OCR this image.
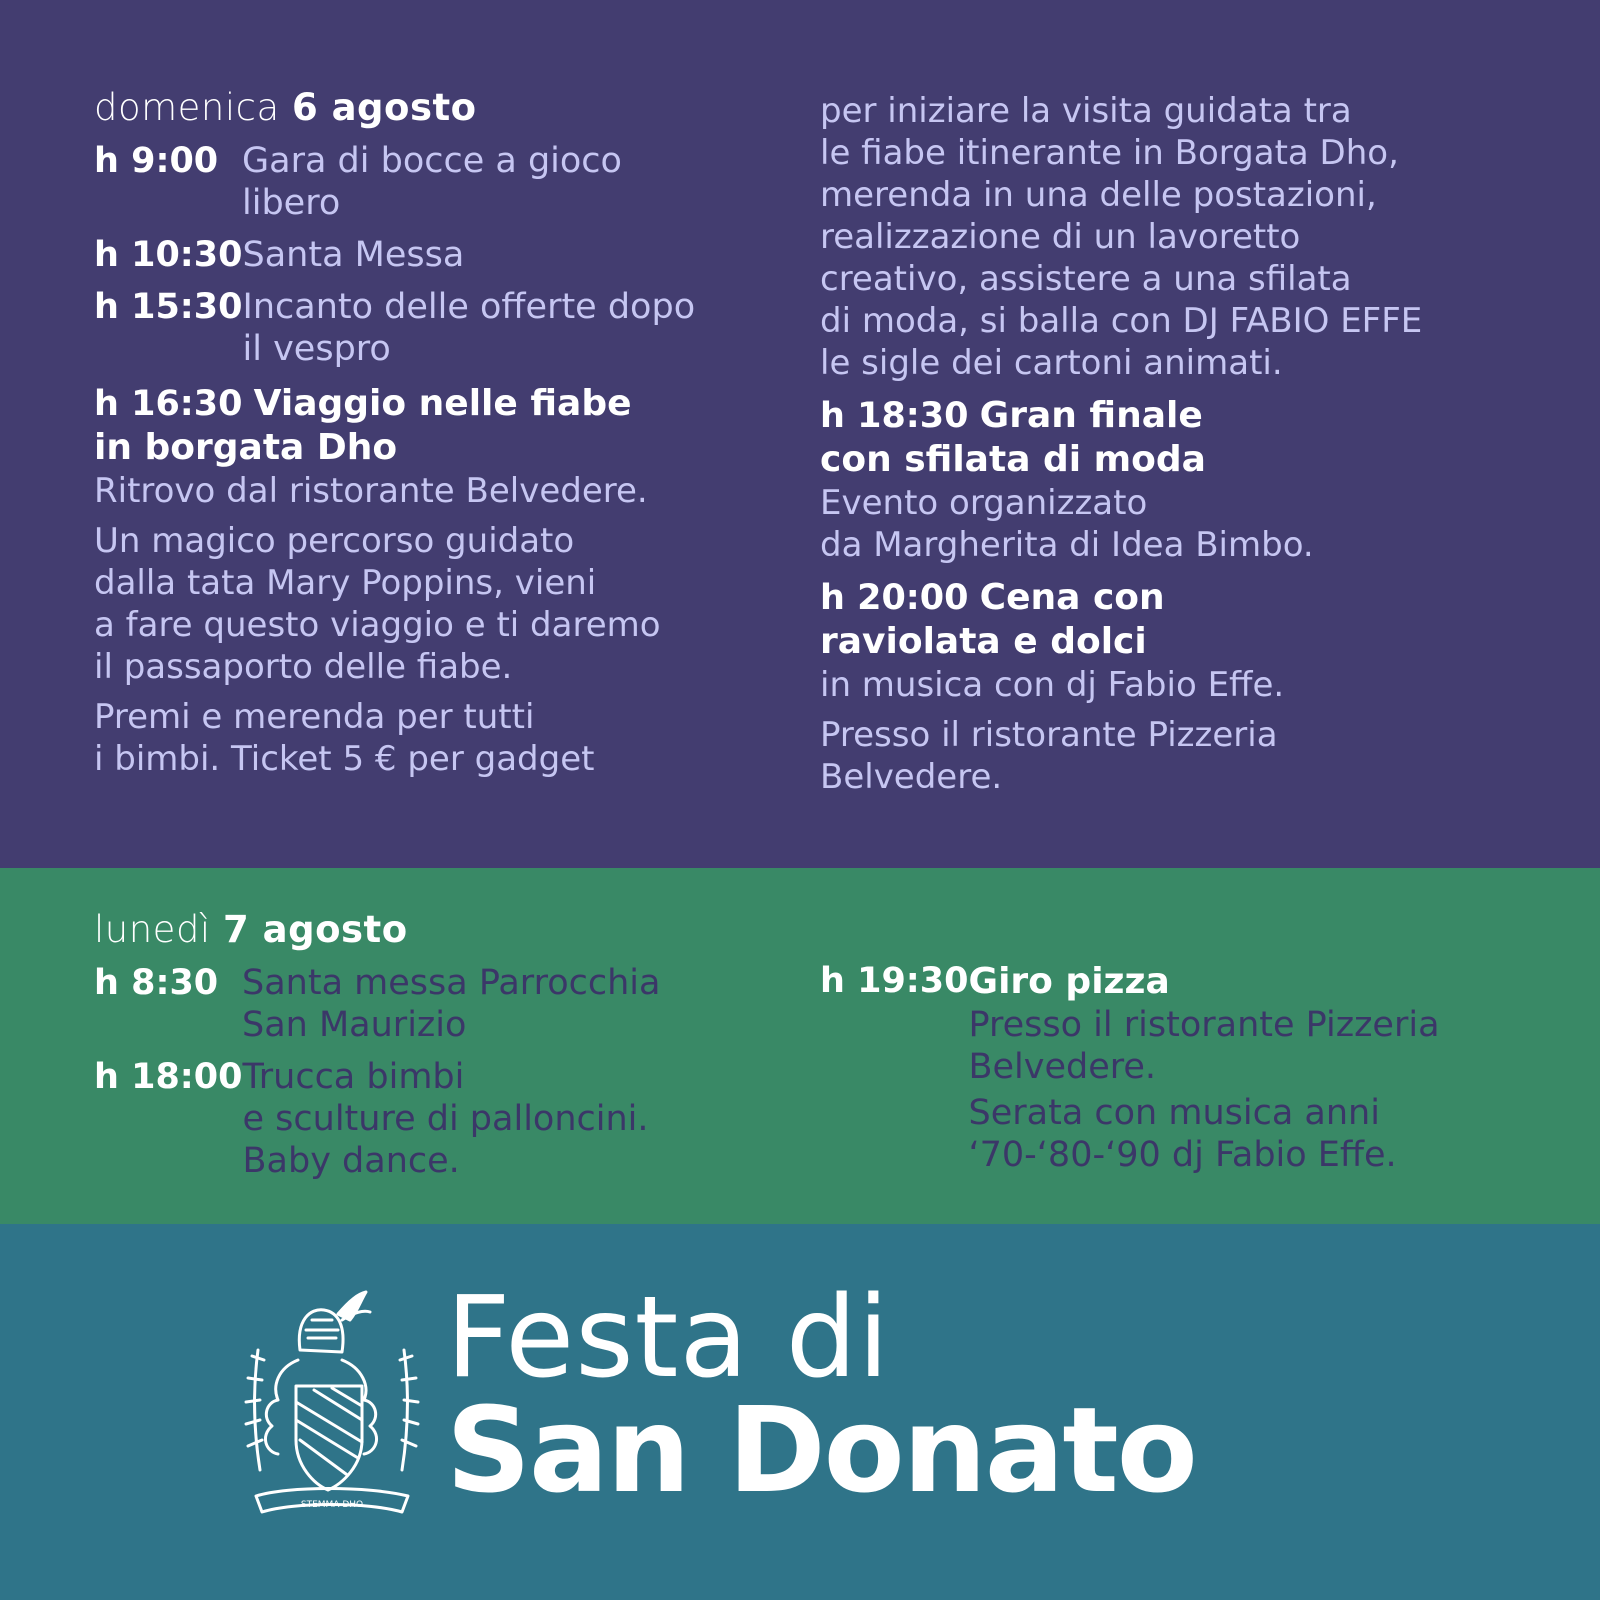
domenica 6 agosto
h 9:00 Gara di bocce a gioco
libero
h 10:30 Santa Messa
h 15:30 Incanto delle offerte dopo
il vespro
h 16:30 Viaggio nelle fiabe
in borgata Dho
Ritrovo dal ristorante Belvedere.
Un magico percorso guidato
dalla tata Mary Poppins, vieni
a fare questo viaggio e ti daremo
il passaporto delle fiabe.
Premi e merenda per tutti
i bimbi. Ticket 5 € per gadget
per iniziare la visita guidata tra
le fiabe itinerante in Borgata Dho,
merenda in una delle postazioni,
realizzazione di un lavoretto
creativo, assistere a una sfilata
di moda, si balla con DJ FABIO EFFE
le sigle dei cartoni animati.
h 18:30 Gran finale
con sfilata di moda
Evento organizzato
da Margherita di Idea Bimbo.
h 20:00 Cena con
raviolata e dolci
in musica con dj Fabio Effe.
Presso il ristorante Pizzeria
Belvedere.
lunedì 7 agosto
h 8:30 Santa messa Parrocchia
San Maurizio
h 18:00 Trucca bimbi
e sculture di palloncini.
Baby dance.
h 19:30 Giro pizza
Presso il ristorante Pizzeria
Belvedere.
Serata con musica anni
‘70-‘80-‘90 dj Fabio Effe.
STEMMA DHO
Festa di
San Donato
